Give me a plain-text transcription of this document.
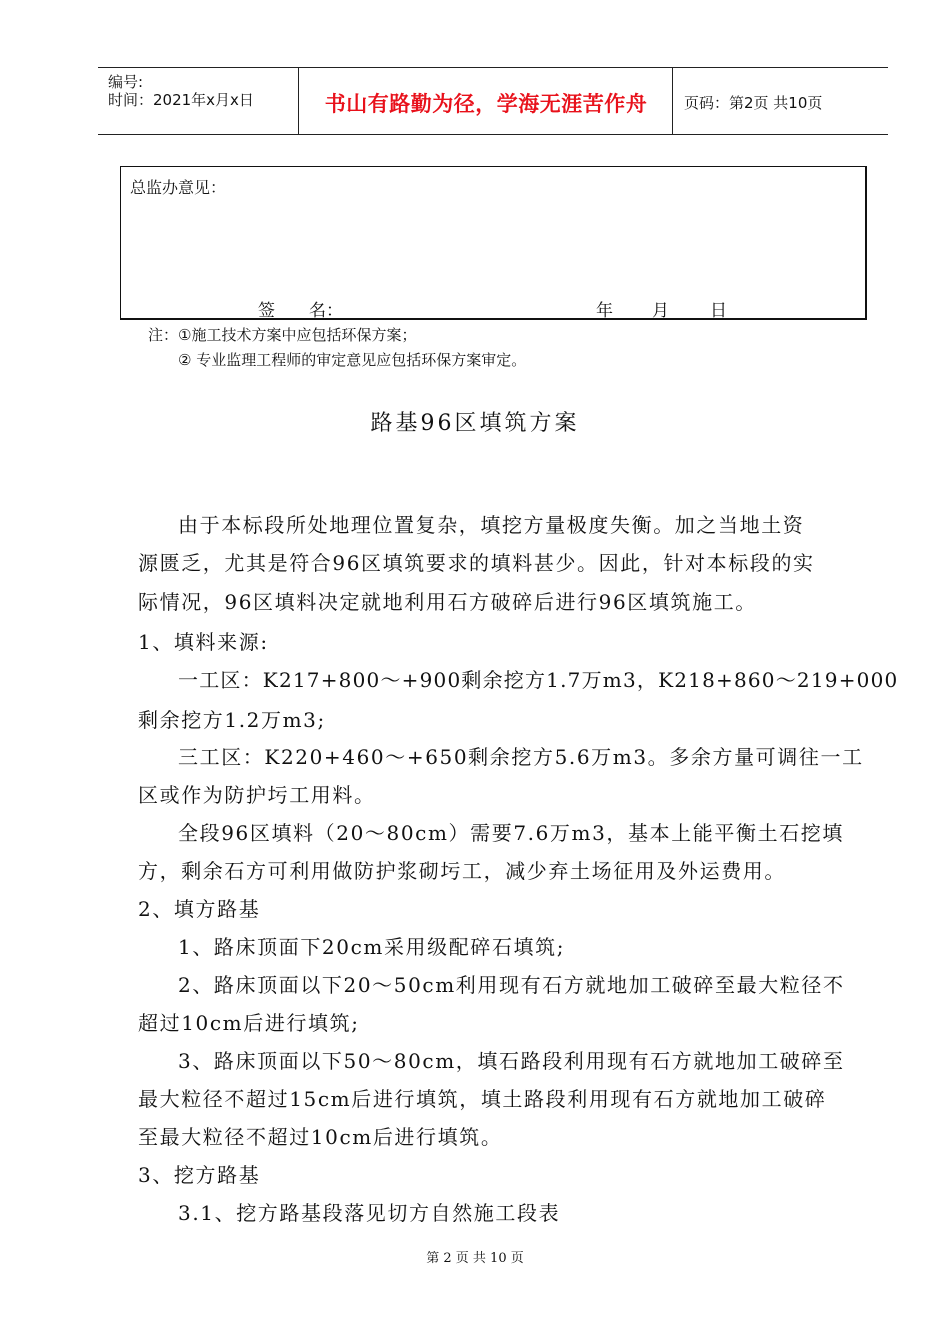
编号:
时间：2021年x月x日	书山有路勤为径，学海无涯苦作舟	页码：第2页 共10页
总监办意见：
签　　名：	年 月 日
注：①施工技术方案中应包括环保方案；
② 专业监理工程师的审定意见应包括环保方案审定。
路基96区填筑方案
由于本标段所处地理位置复杂，填挖方量极度失衡。加之当地土资
源匮乏，尤其是符合96区填筑要求的填料甚少。因此，针对本标段的实
际情况，96区填料决定就地利用石方破碎后进行96区填筑施工。
1、填料来源:
一工区：K217+800～+900剩余挖方1.7万m3，K218+860～219+000
剩余挖方1.2万m3;
三工区：K220+460～+650剩余挖方5.6万m3。多余方量可调往一工
区或作为防护圬工用料。
全段96区填料（20～80cm）需要7.6万m3，基本上能平衡土石挖填
方，剩余石方可利用做防护浆砌圬工，减少弃土场征用及外运费用。
2、填方路基
1、路床顶面下20cm采用级配碎石填筑;
2、路床顶面以下20～50cm利用现有石方就地加工破碎至最大粒径不
超过10cm后进行填筑;
3、路床顶面以下50～80cm，填石路段利用现有石方就地加工破碎至
最大粒径不超过15cm后进行填筑，填土路段利用现有石方就地加工破碎
至最大粒径不超过10cm后进行填筑。
3、挖方路基
3.1、挖方路基段落见切方自然施工段表
第 2 页 共 10 页
